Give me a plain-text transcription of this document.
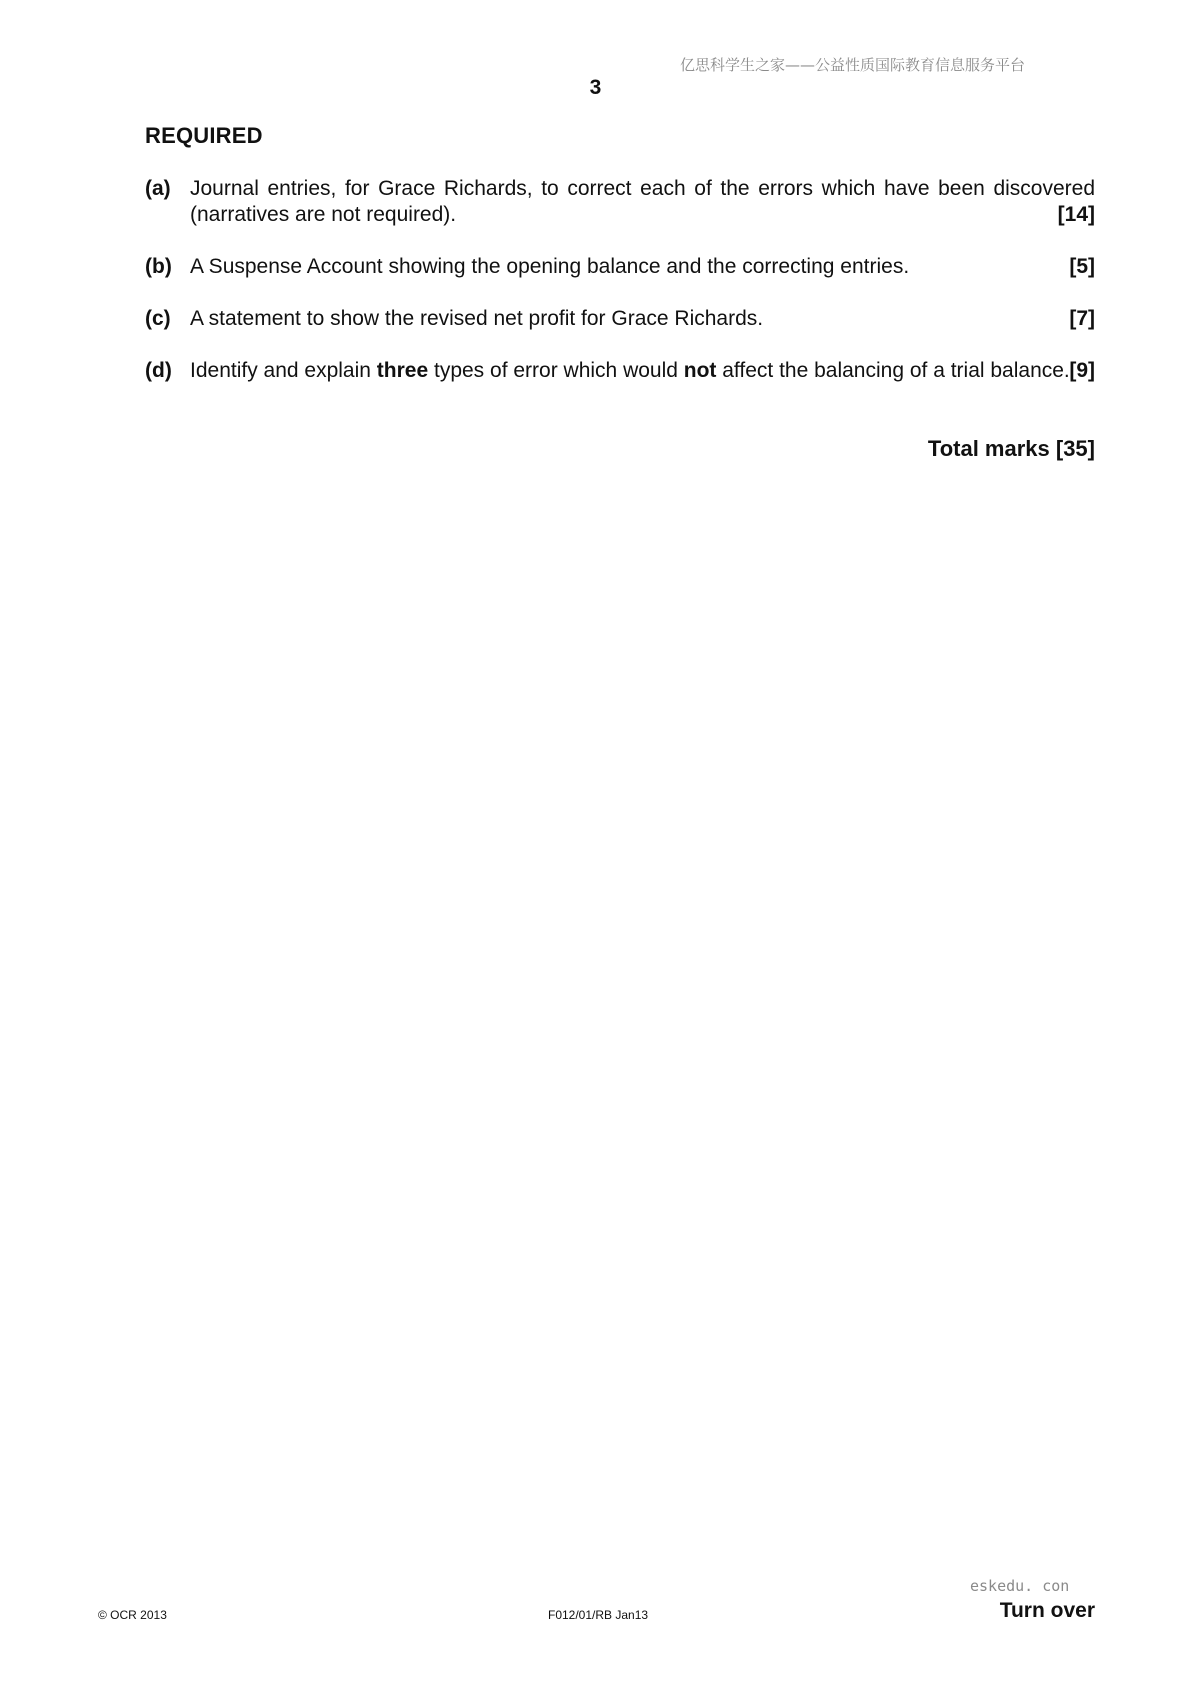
亿思科学生之家——公益性质国际教育信息服务平台
3
REQUIRED
(a) Journal entries, for Grace Richards, to correct each of the errors which have been discovered (narratives are not required).	[14]
(b) A Suspense Account showing the opening balance and the correcting entries.	[5]
(c) A statement to show the revised net profit for Grace Richards.	[7]
(d) Identify and explain three types of error which would not affect the balancing of a trial balance. [9]
Total marks [35]
eskedu. con
© OCR 2013	F012/01/RB Jan13	Turn over
